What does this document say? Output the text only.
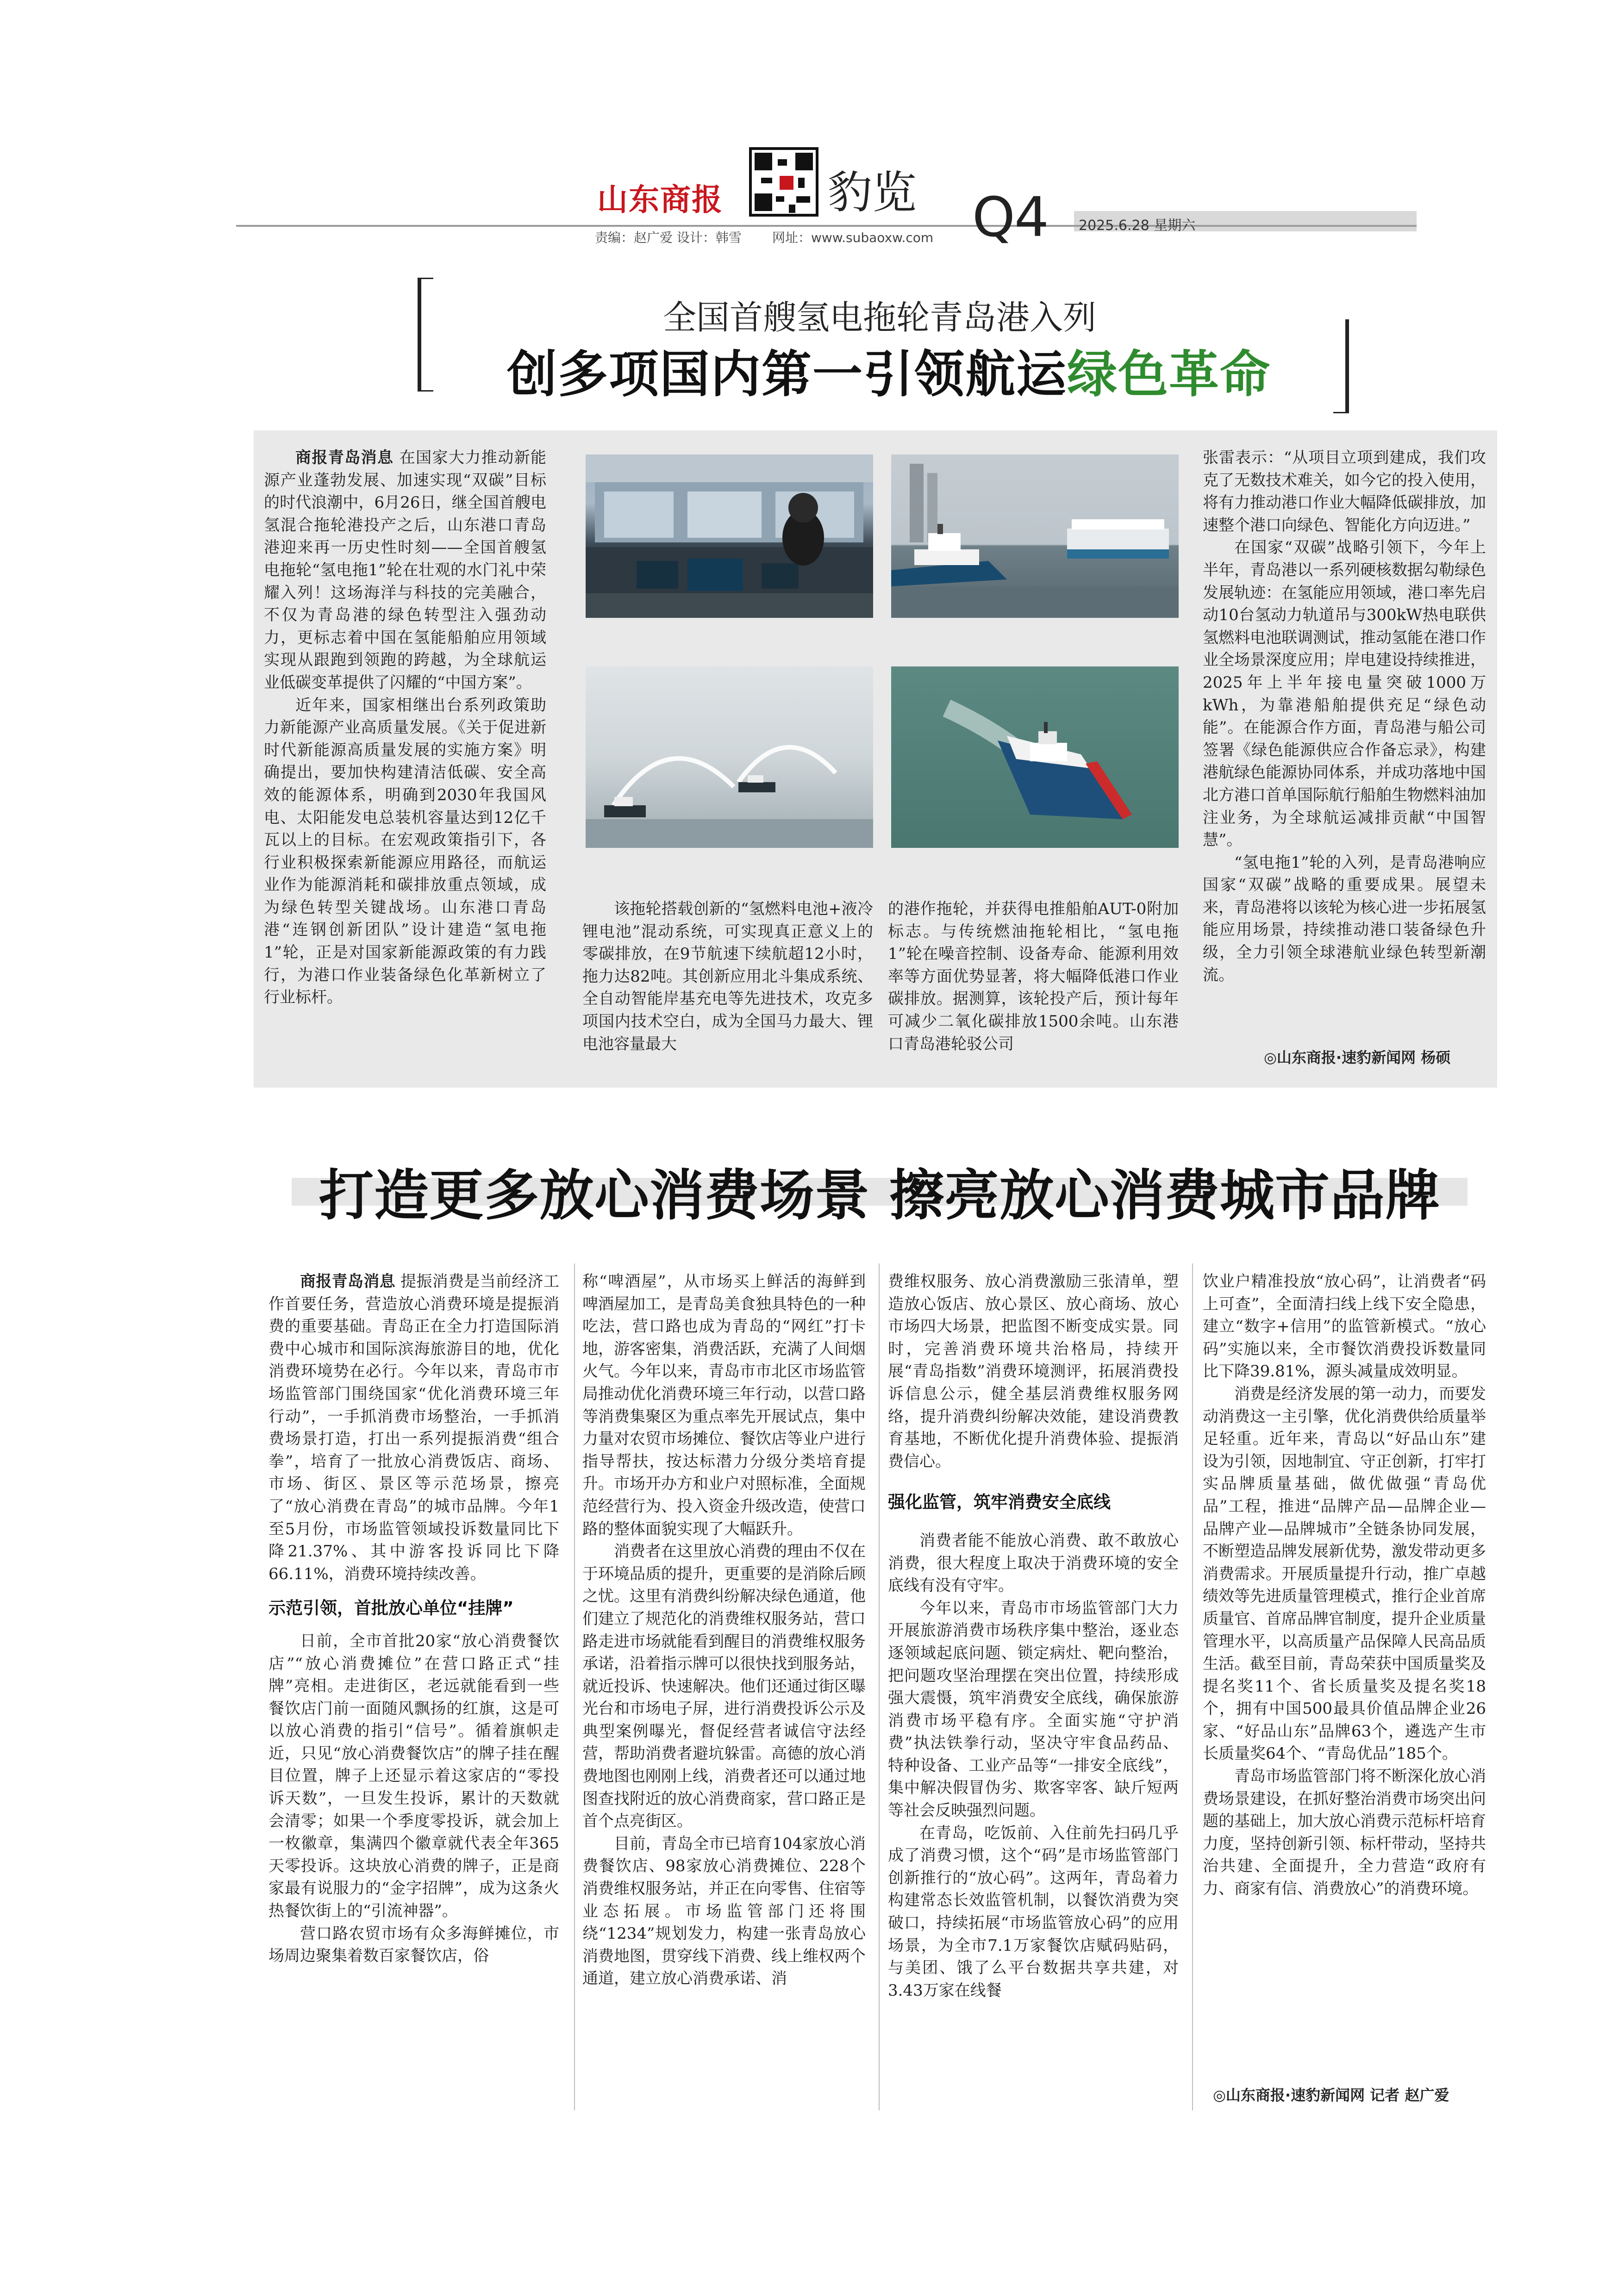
山东商报 豹览 Q4 2025.6.28 星期六
责编：赵广爱 设计：韩雪 网址：www.subaoxw.com
全国首艘氢电拖轮青岛港入列
创多项国内第一引领航运绿色革命

商报青岛消息 在国家大力推动新能源产业蓬勃发展、加速实现“双碳”目标的时代浪潮中，6月26日，继全国首艘电氢混合拖轮港投产之后，山东港口青岛港迎来再一历史性时刻——全国首艘氢电拖轮“氢电拖1”轮在壮观的水门礼中荣耀入列！这场海洋与科技的完美融合，不仅为青岛港的绿色转型注入强劲动力，更标志着中国在氢能船舶应用领域实现从跟跑到领跑的跨越，为全球航运业低碳变革提供了闪耀的“中国方案”。

近年来，国家相继出台系列政策助力新能源产业高质量发展。《关于促进新时代新能源高质量发展的实施方案》明确提出，要加快构建清洁低碳、安全高效的能源体系，明确到2030年我国风电、太阳能发电总装机容量达到12亿千瓦以上的目标。在宏观政策指引下，各行业积极探索新能源应用路径，而航运业作为能源消耗和碳排放重点领域，成为绿色转型关键战场。山东港口青岛港“连钢创新团队”设计建造“氢电拖1”轮，正是对国家新能源政策的有力践行，为港口作业装备绿色化革新树立了行业标杆。

该拖轮搭载创新的“氢燃料电池+液冷锂电池”混动系统，可实现真正意义上的零碳排放，在9节航速下续航超12小时，拖力达82吨。其创新应用北斗集成系统、全自动智能岸基充电等先进技术，攻克多项国内技术空白，成为全国马力最大、锂电池容量最大

的港作拖轮，并获得电推船舶AUT-0附加标志。与传统燃油拖轮相比，“氢电拖1”轮在噪音控制、设备寿命、能源利用效率等方面优势显著，将大幅降低港口作业碳排放。据测算，该轮投产后，预计每年可减少二氧化碳排放1500余吨。山东港口青岛港轮驳公司

张雷表示：“从项目立项到建成，我们攻克了无数技术难关，如今它的投入使用，将有力推动港口作业大幅降低碳排放，加速整个港口向绿色、智能化方向迈进。”

在国家“双碳”战略引领下，今年上半年，青岛港以一系列硬核数据勾勒绿色发展轨迹：在氢能应用领域，港口率先启动10台氢动力轨道吊与300kW热电联供氢燃料电池联调测试，推动氢能在港口作业全场景深度应用；岸电建设持续推进，2025年上半年接电量突破1000万kWh，为靠港船舶提供充足“绿色动能”。在能源合作方面，青岛港与船公司签署《绿色能源供应合作备忘录》，构建港航绿色能源协同体系，并成功落地中国北方港口首单国际航行船舶生物燃料油加注业务，为全球航运减排贡献“中国智慧”。

“氢电拖1”轮的入列，是青岛港响应国家“双碳”战略的重要成果。展望未来，青岛港将以该轮为核心进一步拓展氢能应用场景，持续推动港口装备绿色升级，全力引领全球港航业绿色转型新潮流。

◎山东商报·速豹新闻网 杨硕
打造更多放心消费场景 擦亮放心消费城市品牌

商报青岛消息 提振消费是当前经济工作首要任务，营造放心消费环境是提振消费的重要基础。青岛正在全力打造国际消费中心城市和国际滨海旅游目的地，优化消费环境势在必行。今年以来，青岛市市场监管部门围绕国家“优化消费环境三年行动”，一手抓消费市场整治，一手抓消费场景打造，打出一系列提振消费“组合拳”，培育了一批放心消费饭店、商场、市场、街区、景区等示范场景，擦亮了“放心消费在青岛”的城市品牌。今年1至5月份，市场监管领域投诉数量同比下降21.37%、其中游客投诉同比下降66.11%，消费环境持续改善。

示范引领，首批放心单位“挂牌”

日前，全市首批20家“放心消费餐饮店”“放心消费摊位”在营口路正式“挂牌”亮相。走进街区，老远就能看到一些餐饮店门前一面随风飘扬的红旗，这是可以放心消费的指引“信号”。循着旗帜走近，只见“放心消费餐饮店”的牌子挂在醒目位置，牌子上还显示着这家店的“零投诉天数”，一旦发生投诉，累计的天数就会清零；如果一个季度零投诉，就会加上一枚徽章，集满四个徽章就代表全年365天零投诉。这块放心消费的牌子，正是商家最有说服力的“金字招牌”，成为这条火热餐饮街上的“引流神器”。

营口路农贸市场有众多海鲜摊位，市场周边聚集着数百家餐饮店，俗

称“啤酒屋”，从市场买上鲜活的海鲜到啤酒屋加工，是青岛美食独具特色的一种吃法，营口路也成为青岛的“网红”打卡地，游客密集，消费活跃，充满了人间烟火气。今年以来，青岛市市北区市场监管局推动优化消费环境三年行动，以营口路等消费集聚区为重点率先开展试点，集中力量对农贸市场摊位、餐饮店等业户进行指导帮扶，按达标潜力分级分类培育提升。市场开办方和业户对照标准，全面规范经营行为、投入资金升级改造，使营口路的整体面貌实现了大幅跃升。

消费者在这里放心消费的理由不仅在于环境品质的提升，更重要的是消除后顾之忧。这里有消费纠纷解决绿色通道，他们建立了规范化的消费维权服务站，营口路走进市场就能看到醒目的消费维权服务承诺，沿着指示牌可以很快找到服务站，就近投诉、快速解决。他们还通过街区曝光台和市场电子屏，进行消费投诉公示及典型案例曝光，督促经营者诚信守法经营，帮助消费者避坑躲雷。高德的放心消费地图也刚刚上线，消费者还可以通过地图查找附近的放心消费商家，营口路正是首个点亮街区。

目前，青岛全市已培育104家放心消费餐饮店、98家放心消费摊位、228个消费维权服务站，并正在向零售、住宿等业态拓展。市场监管部门还将围绕“1234”规划发力，构建一张青岛放心消费地图，贯穿线下消费、线上维权两个通道，建立放心消费承诺、消

费维权服务、放心消费激励三张清单，塑造放心饭店、放心景区、放心商场、放心市场四大场景，把监图不断变成实景。同时，完善消费环境共治格局，持续开展“青岛指数”消费环境测评，拓展消费投诉信息公示，健全基层消费维权服务网络，提升消费纠纷解决效能，建设消费教育基地，不断优化提升消费体验、提振消费信心。

强化监管，筑牢消费安全底线

消费者能不能放心消费、敢不敢放心消费，很大程度上取决于消费环境的安全底线有没有守牢。

今年以来，青岛市市场监管部门大力开展旅游消费市场秩序集中整治，逐业态逐领域起底问题、锁定病灶、靶向整治，把问题攻坚治理摆在突出位置，持续形成强大震慑，筑牢消费安全底线，确保旅游消费市场平稳有序。全面实施“守护消费”执法铁拳行动，坚决守牢食品药品、特种设备、工业产品等“一排安全底线”，集中解决假冒伪劣、欺客宰客、缺斤短两等社会反映强烈问题。

在青岛，吃饭前、入住前先扫码几乎成了消费习惯，这个“码”是市场监管部门创新推行的“放心码”。这两年，青岛着力构建常态长效监管机制，以餐饮消费为突破口，持续拓展“市场监管放心码”的应用场景，为全市7.1万家餐饮店赋码贴码，与美团、饿了么平台数据共享共建，对3.43万家在线餐

饮业户精准投放“放心码”，让消费者“码上可查”，全面清扫线上线下安全隐患，建立“数字+信用”的监管新模式。“放心码”实施以来，全市餐饮消费投诉数量同比下降39.81%，源头减量成效明显。

消费是经济发展的第一动力，而要发动消费这一主引擎，优化消费供给质量举足轻重。近年来，青岛以“好品山东”建设为引领，因地制宜、守正创新，打牢打实品牌质量基础，做优做强“青岛优品”工程，推进“品牌产品—品牌企业—品牌产业—品牌城市”全链条协同发展，不断塑造品牌发展新优势，激发带动更多消费需求。开展质量提升行动，推广卓越绩效等先进质量管理模式，推行企业首席质量官、首席品牌官制度，提升企业质量管理水平，以高质量产品保障人民高品质生活。截至目前，青岛荣获中国质量奖及提名奖11个、省长质量奖及提名奖18个，拥有中国500最具价值品牌企业26家、“好品山东”品牌63个，遴选产生市长质量奖64个、“青岛优品”185个。

青岛市场监管部门将不断深化放心消费场景建设，在抓好整治消费市场突出问题的基础上，加大放心消费示范标杆培育力度，坚持创新引领、标杆带动，坚持共治共建、全面提升，全力营造“政府有力、商家有信、消费放心”的消费环境。

◎山东商报·速豹新闻网 记者 赵广爱
